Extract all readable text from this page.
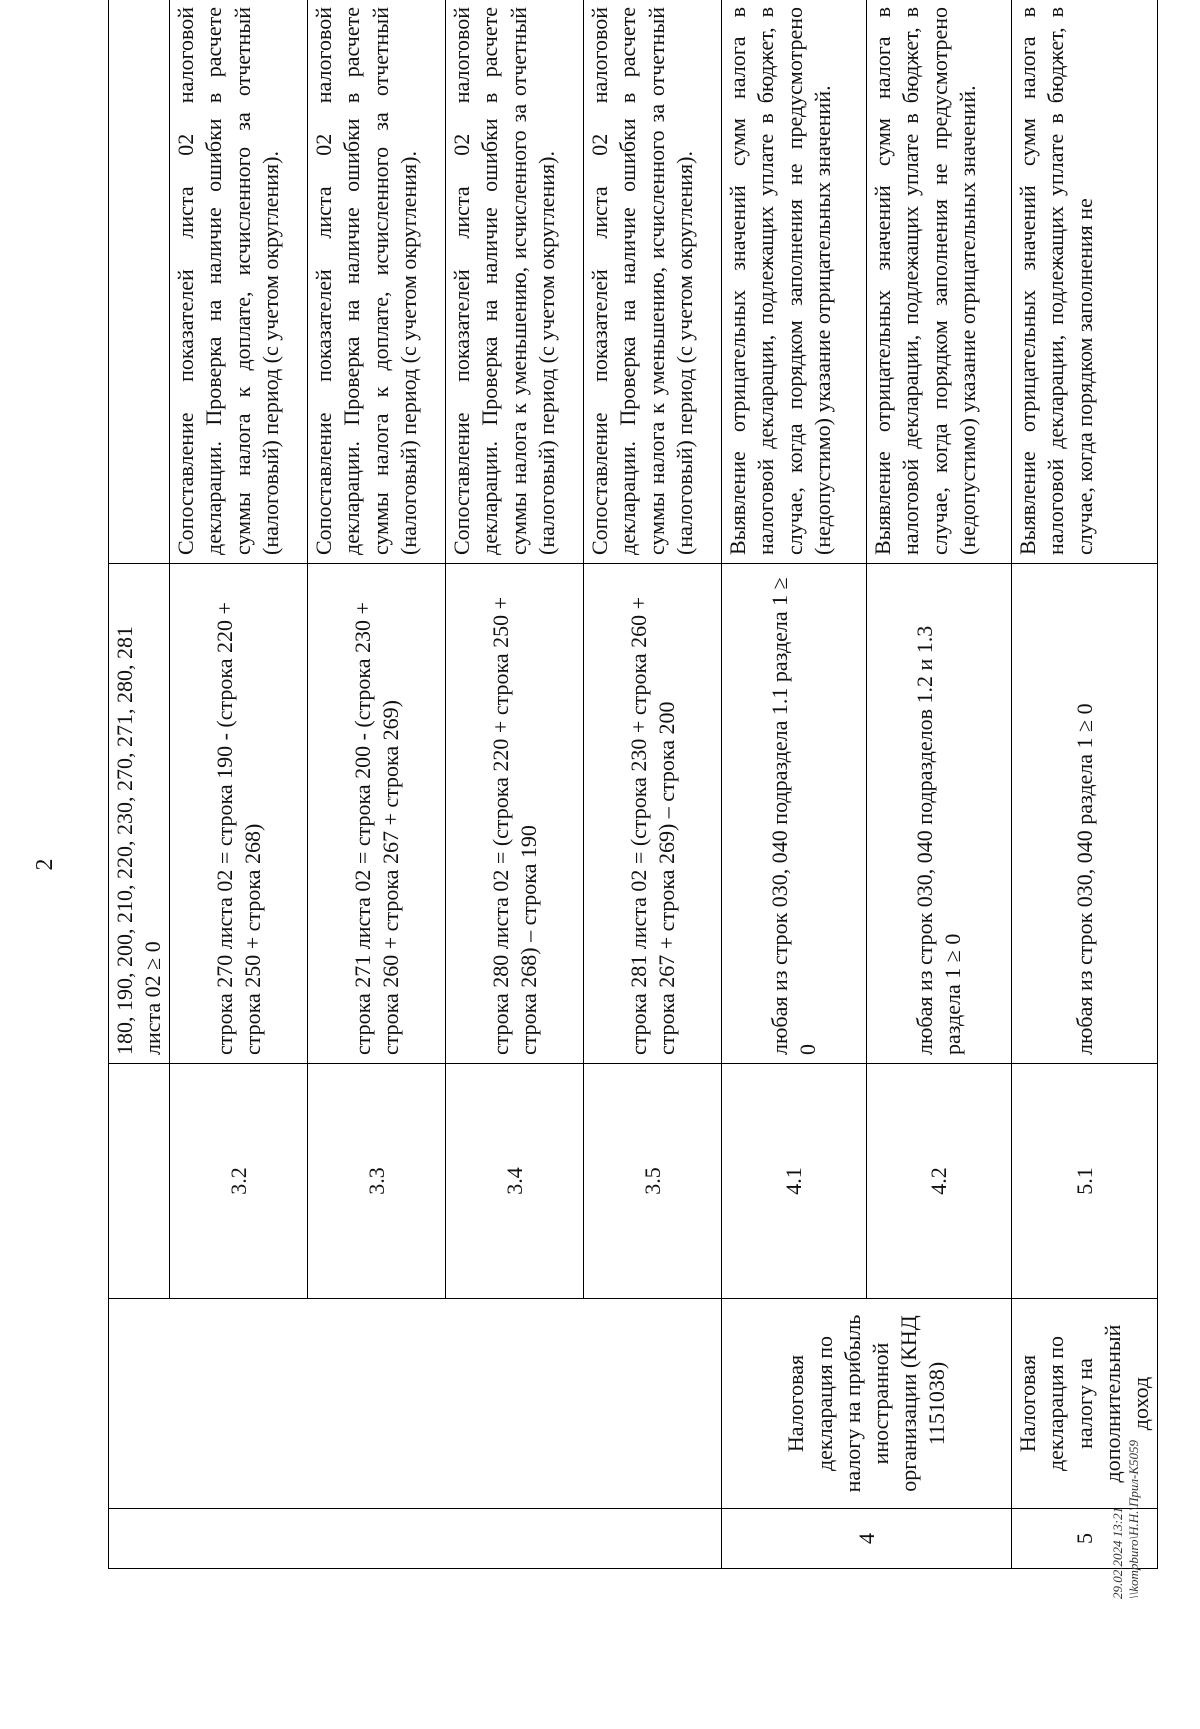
2
			180, 190, 200, 210, 220, 230, 270, 271, 280, 281 листа 02 ≥ 0	
		3.2	строка 270 листа 02 = строка 190 - (строка 220 + строка 250 + строка 268)	Сопоставление показателей листа 02 налоговой декларации. Проверка на наличие ошибки в расчете суммы налога к доплате, исчисленного за отчетный (налоговый) период (с учетом округления).
		3.3	строка 271 листа 02 = строка 200 - (строка 230 + строка 260 + строка 267 + строка 269)	Сопоставление показателей листа 02 налоговой декларации. Проверка на наличие ошибки в расчете суммы налога к доплате, исчисленного за отчетный (налоговый) период (с учетом округления).
		3.4	строка 280 листа 02 = (строка 220 + строка 250 + строка 268) – строка 190	Сопоставление показателей листа 02 налоговой декларации. Проверка на наличие ошибки в расчете суммы налога к уменьшению, исчисленного за отчетный (налоговый) период (с учетом округления).
		3.5	строка 281 листа 02 = (строка 230 + строка 260 + строка 267 + строка 269) – строка 200	Сопоставление показателей листа 02 налоговой декларации. Проверка на наличие ошибки в расчете суммы налога к уменьшению, исчисленного за отчетный (налоговый) период (с учетом округления).
4	Налоговая декларация по налогу на прибыль иностранной организации (КНД 1151038)	4.1	любая из строк 030, 040 подраздела 1.1 раздела 1 ≥ 0	Выявление отрицательных значений сумм налога в налоговой декларации, подлежащих уплате в бюджет, в случае, когда порядком заполнения не предусмотрено (недопустимо) указание отрицательных значений.
		4.2	любая из строк 030, 040 подразделов 1.2 и 1.3 раздела 1 ≥ 0	Выявление отрицательных значений сумм налога в налоговой декларации, подлежащих уплате в бюджет, в случае, когда порядком заполнения не предусмотрено (недопустимо) указание отрицательных значений.
5	Налоговая декларация по налогу на дополнительный доход	5.1	любая из строк 030, 040 раздела 1 ≥ 0	Выявление отрицательных значений сумм налога в налоговой декларации, подлежащих уплате в бюджет, в случае, когда порядком заполнения не
29.02.2024 13:21 \\kompburo\Н.Н.\Прил-К5059
